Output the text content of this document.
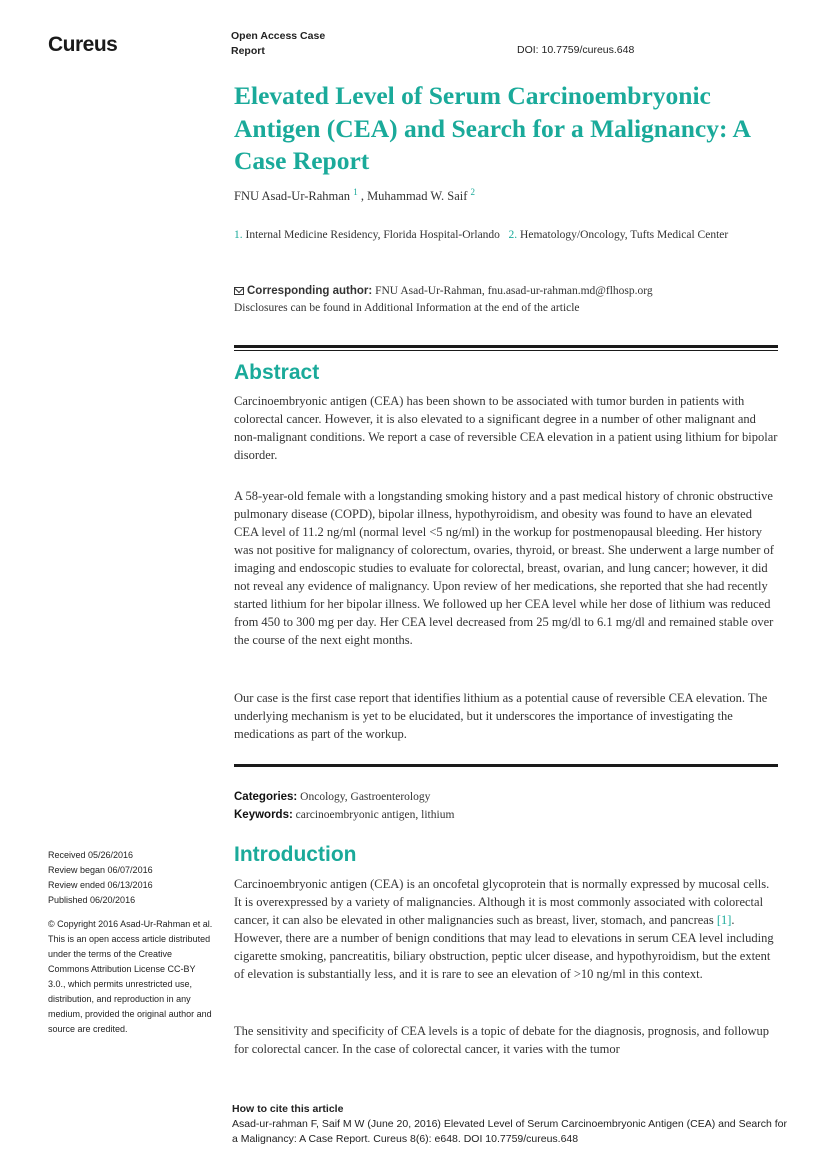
Cureus	Open Access Case Report	DOI: 10.7759/cureus.648
Elevated Level of Serum Carcinoembryonic Antigen (CEA) and Search for a Malignancy: A Case Report
FNU Asad-Ur-Rahman $^1$ , Muhammad W. Saif $^2$
1. Internal Medicine Residency, Florida Hospital-Orlando 2. Hematology/Oncology, Tufts Medical Center
Corresponding author: FNU Asad-Ur-Rahman, fnu.asad-ur-rahman.md@flhosp.org
Disclosures can be found in Additional Information at the end of the article
Abstract

Carcinoembryonic antigen (CEA) has been shown to be associated with tumor burden in patients with colorectal cancer. However, it is also elevated to a significant degree in a number of other malignant and non-malignant conditions. We report a case of reversible CEA elevation in a patient using lithium for bipolar disorder.

A 58-year-old female with a longstanding smoking history and a past medical history of chronic obstructive pulmonary disease (COPD), bipolar illness, hypothyroidism, and obesity was found to have an elevated CEA level of 11.2 ng/ml (normal level <5 ng/ml) in the workup for postmenopausal bleeding. Her history was not positive for malignancy of colorectum, ovaries, thyroid, or breast. She underwent a large number of imaging and endoscopic studies to evaluate for colorectal, breast, ovarian, and lung cancer; however, it did not reveal any evidence of malignancy. Upon review of her medications, she reported that she had recently started lithium for her bipolar illness. We followed up her CEA level while her dose of lithium was reduced from 450 to 300 mg per day. Her CEA level decreased from 25 mg/dl to 6.1 mg/dl and remained stable over the course of the next eight months.

Our case is the first case report that identifies lithium as a potential cause of reversible CEA elevation. The underlying mechanism is yet to be elucidated, but it underscores the importance of investigating the medications as part of the workup.

Categories: Oncology, Gastroenterology
Keywords: carcinoembryonic antigen, lithium
Received 05/26/2016
Review began 06/07/2016
Review ended 06/13/2016
Published 06/20/2016
© Copyright 2016 Asad-Ur-Rahman et al. This is an open access article distributed under the terms of the Creative Commons Attribution License CC-BY 3.0., which permits unrestricted use, distribution, and reproduction in any medium, provided the original author and source are credited.
Introduction

Carcinoembryonic antigen (CEA) is an oncofetal glycoprotein that is normally expressed by mucosal cells. It is overexpressed by a variety of malignancies. Although it is most commonly associated with colorectal cancer, it can also be elevated in other malignancies such as breast, liver, stomach, and pancreas [1]. However, there are a number of benign conditions that may lead to elevations in serum CEA level including cigarette smoking, pancreatitis, biliary obstruction, peptic ulcer disease, and hypothyroidism, but the extent of elevation is substantially less, and it is rare to see an elevation of >10 ng/ml in this context.

The sensitivity and specificity of CEA levels is a topic of debate for the diagnosis, prognosis, and followup for colorectal cancer. In the case of colorectal cancer, it varies with the tumor

How to cite this article
Asad-ur-rahman F, Saif M W (June 20, 2016) Elevated Level of Serum Carcinoembryonic Antigen (CEA) and Search for a Malignancy: A Case Report. Cureus 8(6): e648. DOI 10.7759/cureus.648
